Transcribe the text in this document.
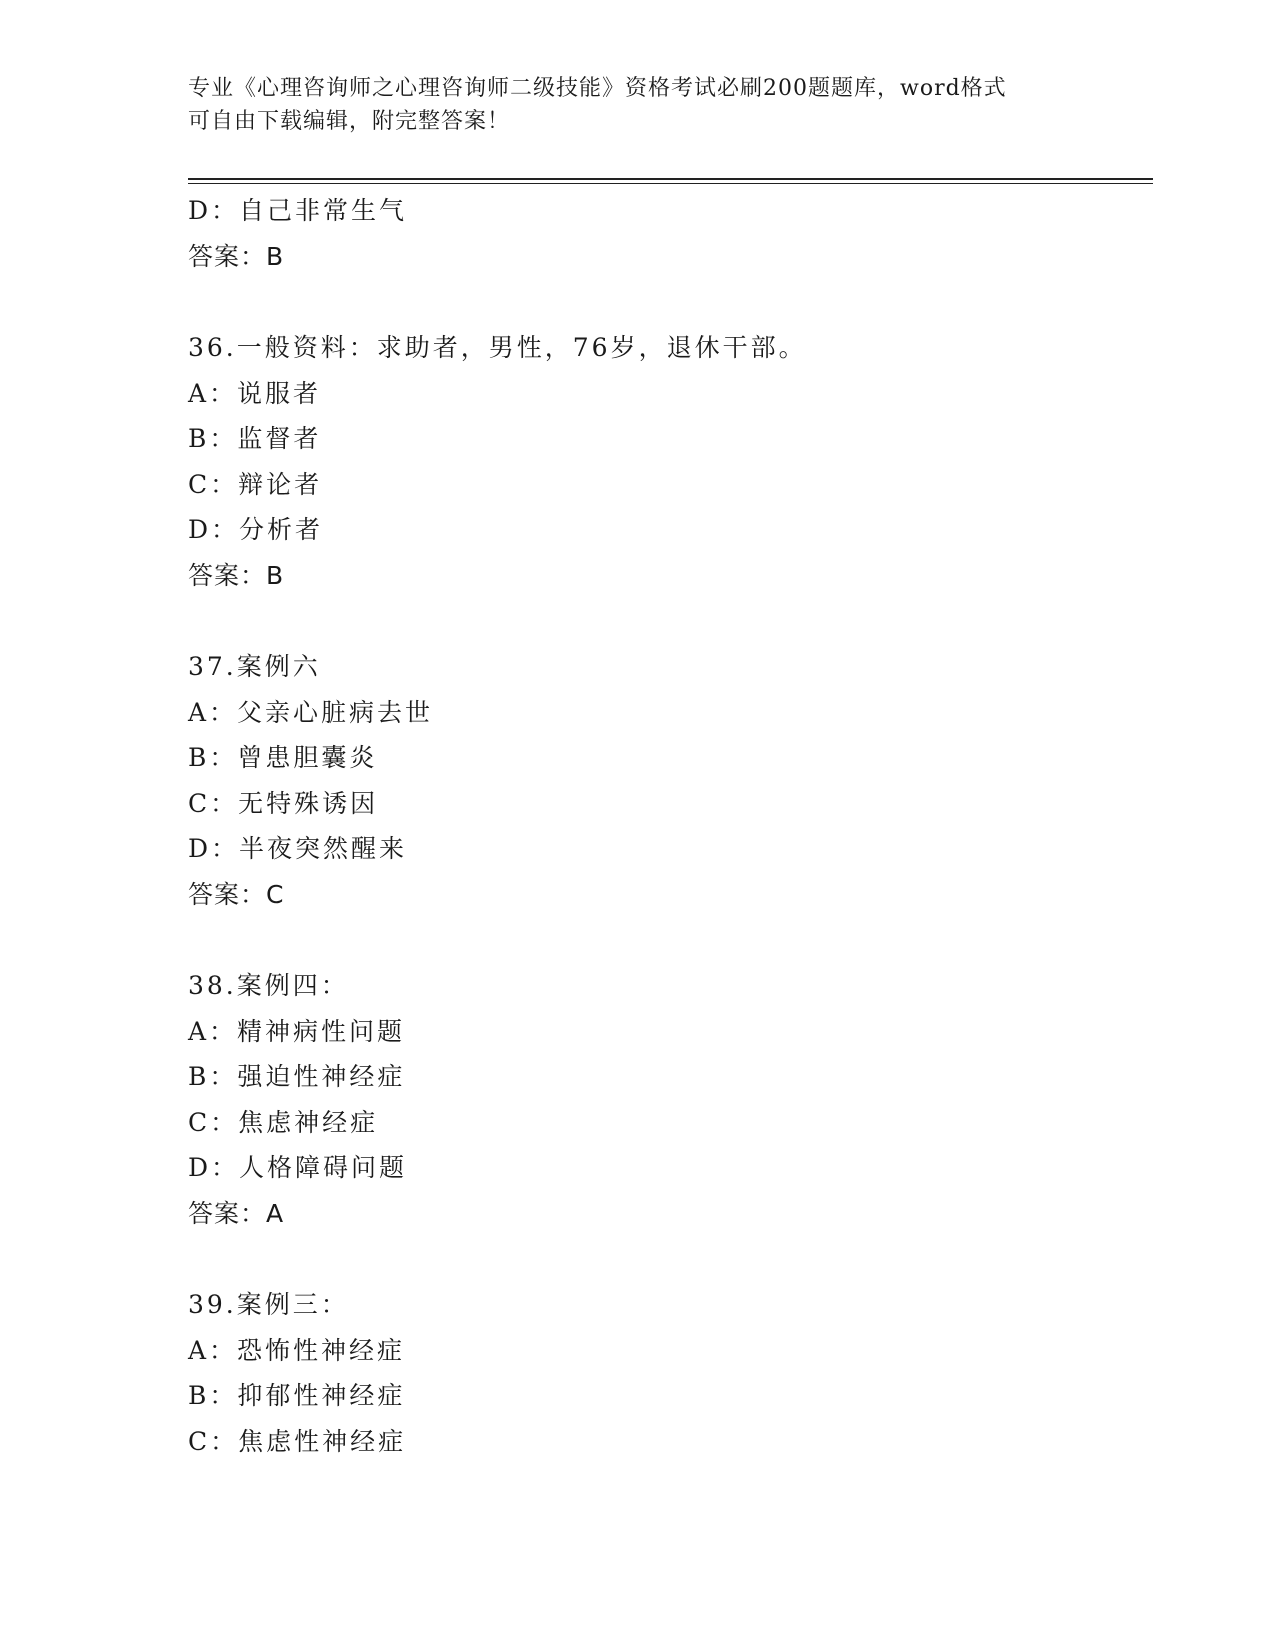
专业《心理咨询师之心理咨询师二级技能》资格考试必刷200题题库，word格式
可自由下载编辑，附完整答案！
D：自己非常生气
答案：B
36.一般资料：求助者，男性，76岁，退休干部。
A：说服者
B：监督者
C：辩论者
D：分析者
答案：B
37.案例六
A：父亲心脏病去世
B：曾患胆囊炎
C：无特殊诱因
D：半夜突然醒来
答案：C
38.案例四：
A：精神病性问题
B：强迫性神经症
C：焦虑神经症
D：人格障碍问题
答案：A
39.案例三：
A：恐怖性神经症
B：抑郁性神经症
C：焦虑性神经症
